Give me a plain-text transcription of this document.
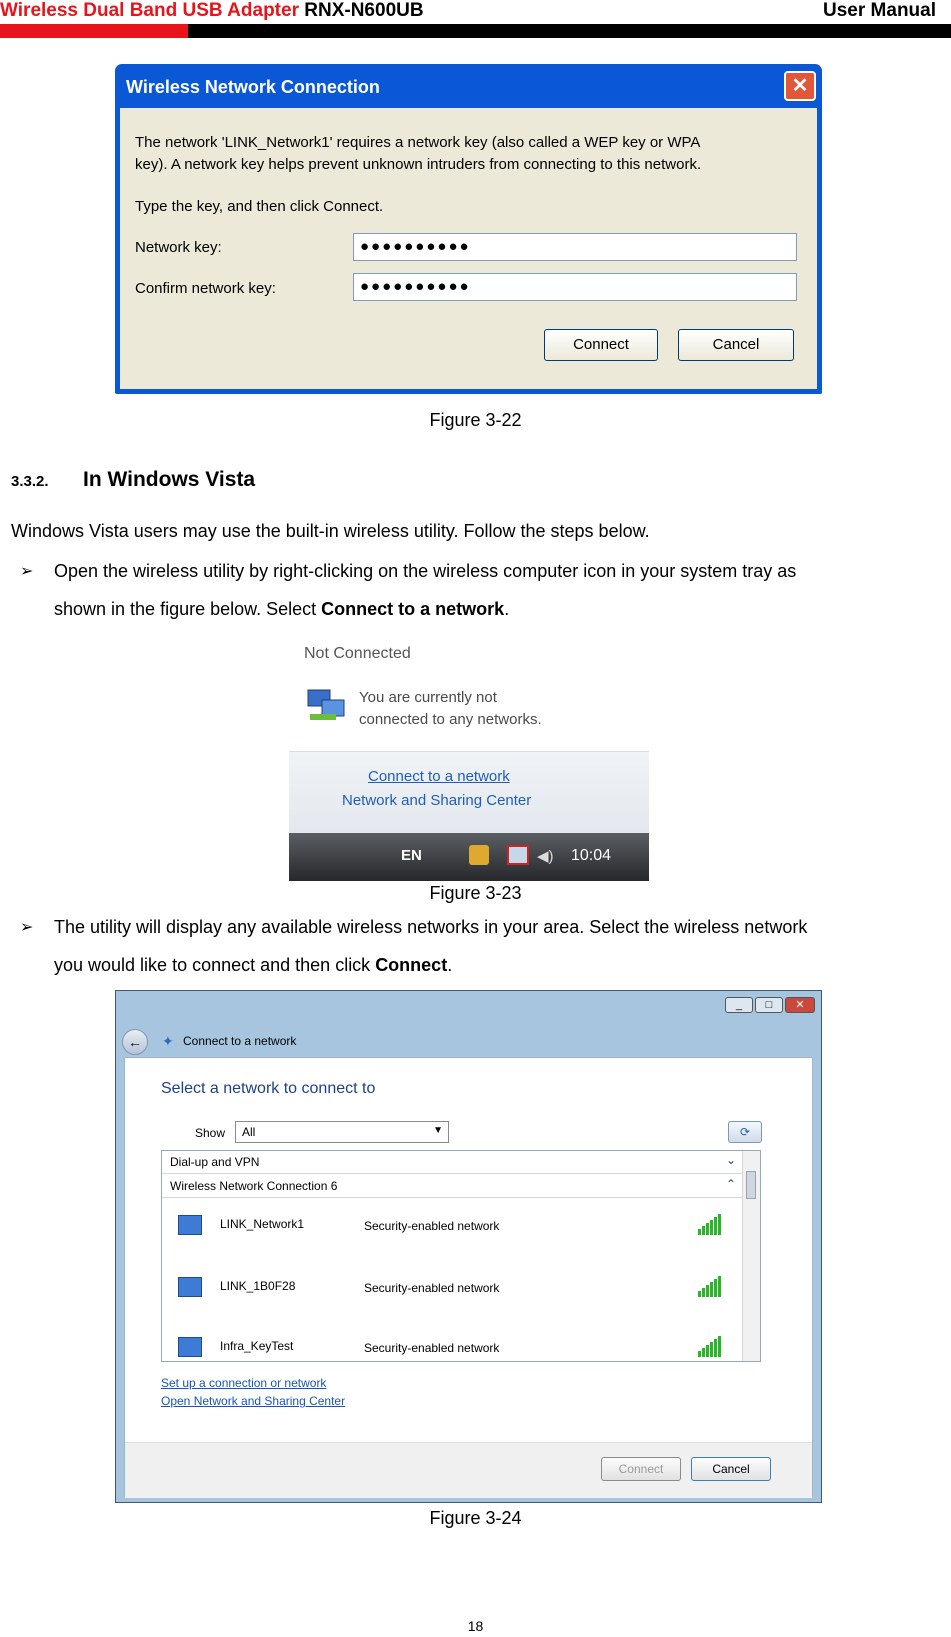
Wireless Dual Band USB Adapter RNX-N600UB	User Manual
Wireless Network Connection	✕
The network 'LINK_Network1' requires a network key (also called a WEP key or WPA
key). A network key helps prevent unknown intruders from connecting to this network.
Type the key, and then click Connect.
Network key:	●●●●●●●●●●
Confirm network key:	●●●●●●●●●●
Connect	Cancel
Figure 3-22
3.3.2. In Windows Vista
Windows Vista users may use the built-in wireless utility. Follow the steps below.
➢ Open the wireless utility by right-clicking on the wireless computer icon in your system tray as
shown in the figure below. Select Connect to a network.
Not Connected
You are currently not
connected to any networks.
Connect to a network
Network and Sharing Center
EN	◀) 10:04
Figure 3-23
➢ The utility will display any available wireless networks in your area. Select the wireless network
you would like to connect and then click Connect.
_	□	✕
←	✦ Connect to a network
Select a network to connect to
Show All	▼	⟳
Dial-up and VPN	⌄
Wireless Network Connection 6	⌃
LINK_Network1	Security-enabled network
LINK_1B0F28	Security-enabled network
Infra_KeyTest	Security-enabled network
Set up a connection or network
Open Network and Sharing Center
Connect	Cancel
Figure 3-24
18
